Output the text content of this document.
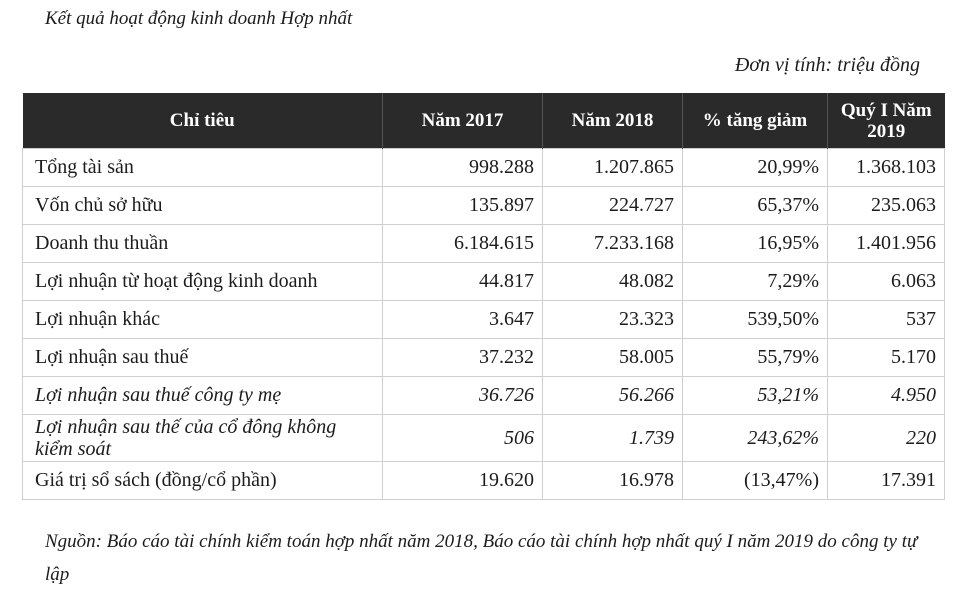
Kết quả hoạt động kinh doanh Hợp nhất
Đơn vị tính: triệu đồng
Chỉ tiêu	Năm 2017	Năm 2018	% tăng giảm	Quý I Năm 2019
Tổng tài sản	998.288	1.207.865	20,99%	1.368.103
Vốn chủ sở hữu	135.897	224.727	65,37%	235.063
Doanh thu thuần	6.184.615	7.233.168	16,95%	1.401.956
Lợi nhuận từ hoạt động kinh doanh	44.817	48.082	7,29%	6.063
Lợi nhuận khác	3.647	23.323	539,50%	537
Lợi nhuận sau thuế	37.232	58.005	55,79%	5.170
Lợi nhuận sau thuế công ty mẹ	36.726	56.266	53,21%	4.950
Lợi nhuận sau thế của cổ đông không kiểm soát	506	1.739	243,62%	220
Giá trị sổ sách (đồng/cổ phần)	19.620	16.978	(13,47%)	17.391
Nguồn: Báo cáo tài chính kiểm toán hợp nhất năm 2018, Báo cáo tài chính hợp nhất quý I năm 2019 do công ty tự lập
